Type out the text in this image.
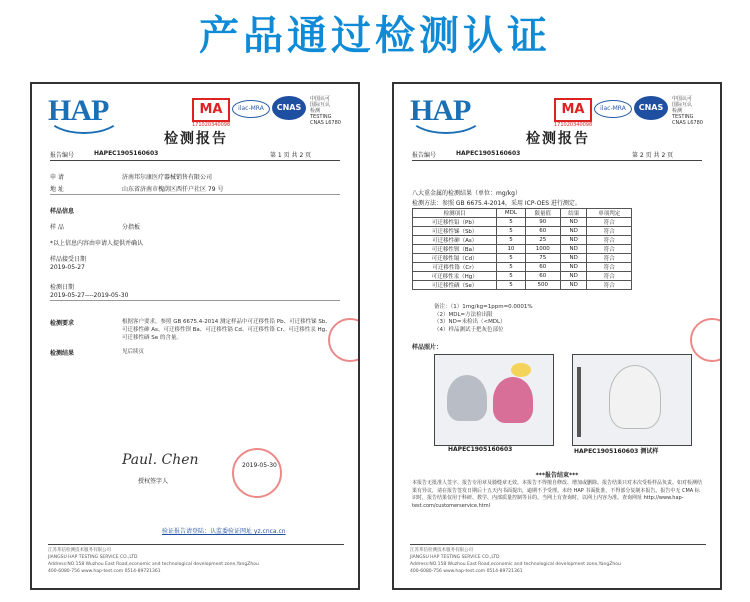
产品通过检测认证
HAP	MA
171020340098
ilac-MRA	CNAS
中国认可
国际互认
检测
TESTING
CNAS L6780
检测报告
报告编号	HAPEC1905160603	第 1 页 共 2 页
申 请	济南邦尔康医疗器械销售有限公司
地 址	山东省济南市槐荫区西仟户社区 79 号
样品信息
样 品	分指板
*以上信息内容由申请人提供并确认
样品接受日期
2019-05-27
检测日期
2019-05-27----2019-05-30
检测要求	根据客户要求，参照 GB 6675.4-2014 测定样品中可迁移性铅 Pb、可迁移性锑 Sb、可迁移性砷 As、可迁移性钡 Ba、可迁移性镉 Cd、可迁移性铬 Cr、可迁移性汞 Hg、可迁移性硒 Se 的含量。
检测结果	见后续页
Paul. Chen
授权签字人
2019-05-30
验证报告请登陆：认监委验证网址 yz.cnca.cn
江苏邦信检测技术服务有限公司
JIANGSU HAP TESTING SERVICE CO.,LTD
Address:NO.158 Wuzhou East Road,economic and technological development zone,YangZhou
400-6080-756 www.hap-test.com 0514-89721361
HAP	MA
171020340098
ilac-MRA	CNAS
中国认可
国际互认
检测
TESTING
CNAS L6780
检测报告
报告编号	HAPEC1905160603	第 2 页 共 2 页
八大重金属的检测结果（单位：mg/kg）
检测方法：参照 GB 6675.4-2014，采用 ICP-OES 进行测定。
检测项目	MDL	限量值	结果	单项判定
可迁移性铅（Pb）	5	90	ND	符合
可迁移性锑（Sb）	5	60	ND	符合
可迁移性砷（As）	5	25	ND	符合
可迁移性钡（Ba）	10	1000	ND	符合
可迁移性镉（Cd）	5	75	ND	符合
可迁移性铬（Cr）	5	60	ND	符合
可迁移性汞（Hg）	5	60	ND	符合
可迁移性硒（Se）	5	500	ND	符合
备注：（1）1mg/kg=1ppm=0.0001%
（2）MDL=方法检出限
（3）ND=未检出（<MDL）
（4）样品测试于把灰色部位
样品照片：
HAPEC1905160603	HAPEC1905160603 测试样
***报告结束***
本报告无批准人签字、报告专用章及骑缝章无效。本报告不得擅自修改、增加或删除。报告结果只对本次受检样品负责。如对检测结果有异议，请在报告签发日期后十五天内书面提出，逾期不予受理。未经 HAP 书面批准，不得部分复制本报告。报告中无 CMA 标识时，报告结果仅用于科研、教学、内部质量控制等目的。当网上有查询时，以网上内容为准。查询网址 http://www.hap-test.com/customerservice.html
江苏邦信检测技术服务有限公司
JIANGSU HAP TESTING SERVICE CO.,LTD
Address:NO.158 Wuzhou East Road,economic and technological development zone,YangZhou
400-6080-756 www.hap-test.com 0514-89721361
